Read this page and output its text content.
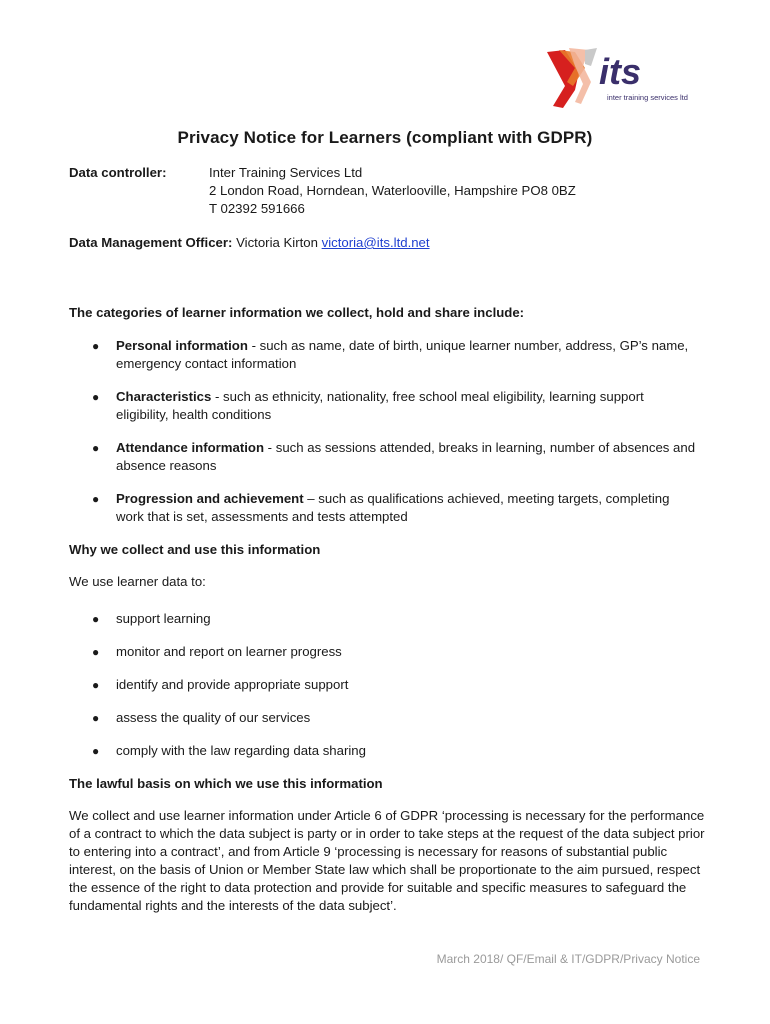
its
inter training services ltd
Privacy Notice for Learners (compliant with GDPR)
Data controller:	Inter Training Services Ltd
2 London Road, Horndean, Waterlooville, Hampshire PO8 0BZ
T 02392 591666
Data Management Officer: Victoria Kirton victoria@its.ltd.net
The categories of learner information we collect, hold and share include:
● Personal information - such as name, date of birth, unique learner number, address, GP’s name, emergency contact information
● Characteristics - such as ethnicity, nationality, free school meal eligibility, learning support eligibility, health conditions
● Attendance information - such as sessions attended, breaks in learning, number of absences and absence reasons
● Progression and achievement – such as qualifications achieved, meeting targets, completing work that is set, assessments and tests attempted
Why we collect and use this information
We use learner data to:
● support learning
● monitor and report on learner progress
● identify and provide appropriate support
● assess the quality of our services
● comply with the law regarding data sharing
The lawful basis on which we use this information
We collect and use learner information under Article 6 of GDPR ‘processing is necessary for the performance of a contract to which the data subject is party or in order to take steps at the request of the data subject prior to entering into a contract’, and from Article 9 ‘processing is necessary for reasons of substantial public interest, on the basis of Union or Member State law which shall be proportionate to the aim pursued, respect the essence of the right to data protection and provide for suitable and specific measures to safeguard the fundamental rights and the interests of the data subject’.
March 2018/ QF/Email & IT/GDPR/Privacy Notice
